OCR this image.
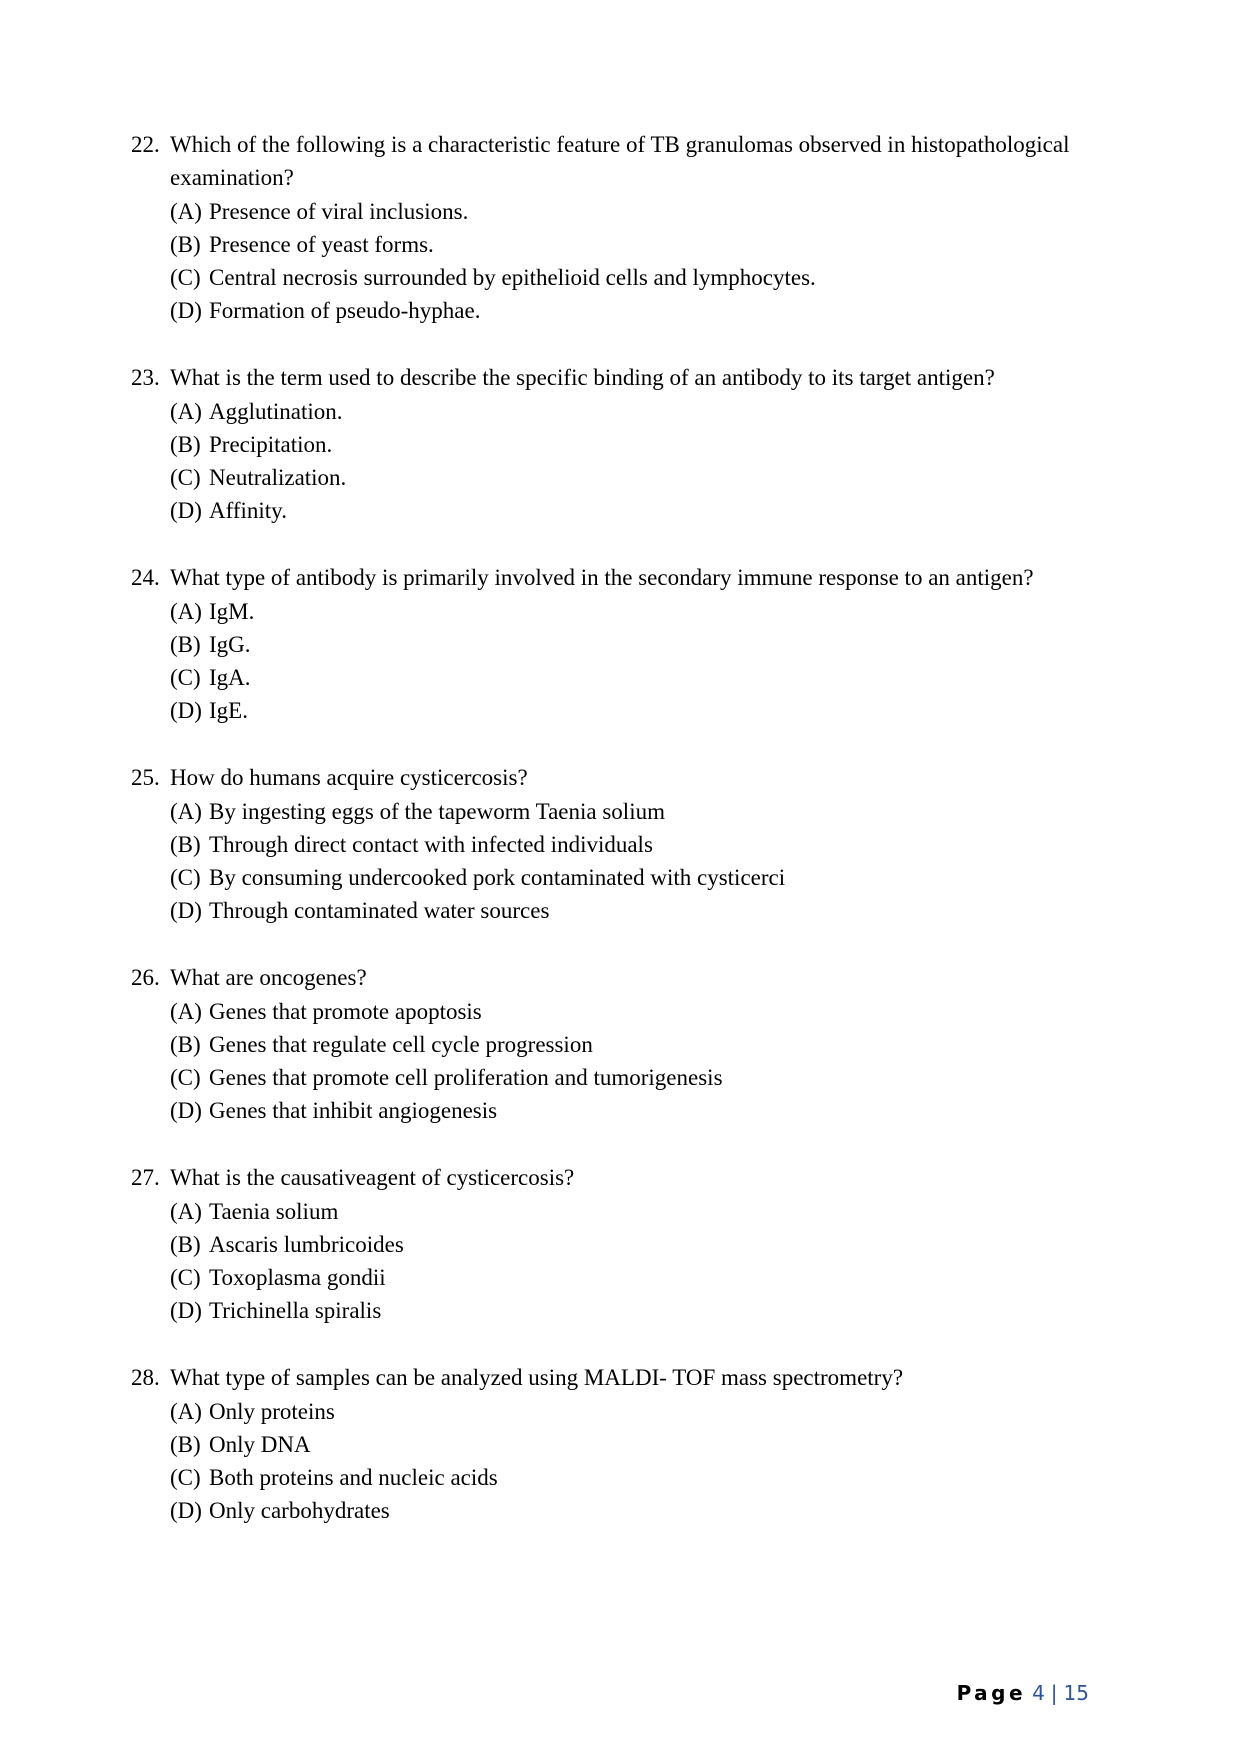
22. Which of the following is a characteristic feature of TB granulomas observed in histopathological examination?
(A) Presence of viral inclusions.
(B) Presence of yeast forms.
(C) Central necrosis surrounded by epithelioid cells and lymphocytes.
(D) Formation of pseudo-hyphae.
23. What is the term used to describe the specific binding of an antibody to its target antigen?
(A) Agglutination.
(B) Precipitation.
(C) Neutralization.
(D) Affinity.
24. What type of antibody is primarily involved in the secondary immune response to an antigen?
(A) IgM.
(B) IgG.
(C) IgA.
(D) IgE.
25. How do humans acquire cysticercosis?
(A) By ingesting eggs of the tapeworm Taenia solium
(B) Through direct contact with infected individuals
(C) By consuming undercooked pork contaminated with cysticerci
(D) Through contaminated water sources
26. What are oncogenes?
(A) Genes that promote apoptosis
(B) Genes that regulate cell cycle progression
(C) Genes that promote cell proliferation and tumorigenesis
(D) Genes that inhibit angiogenesis
27. What is the causativeagent of cysticercosis?
(A) Taenia solium
(B) Ascaris lumbricoides
(C) Toxoplasma gondii
(D) Trichinella spiralis
28. What type of samples can be analyzed using MALDI- TOF mass spectrometry?
(A) Only proteins
(B) Only DNA
(C) Both proteins and nucleic acids
(D) Only carbohydrates
Page 4 | 15
